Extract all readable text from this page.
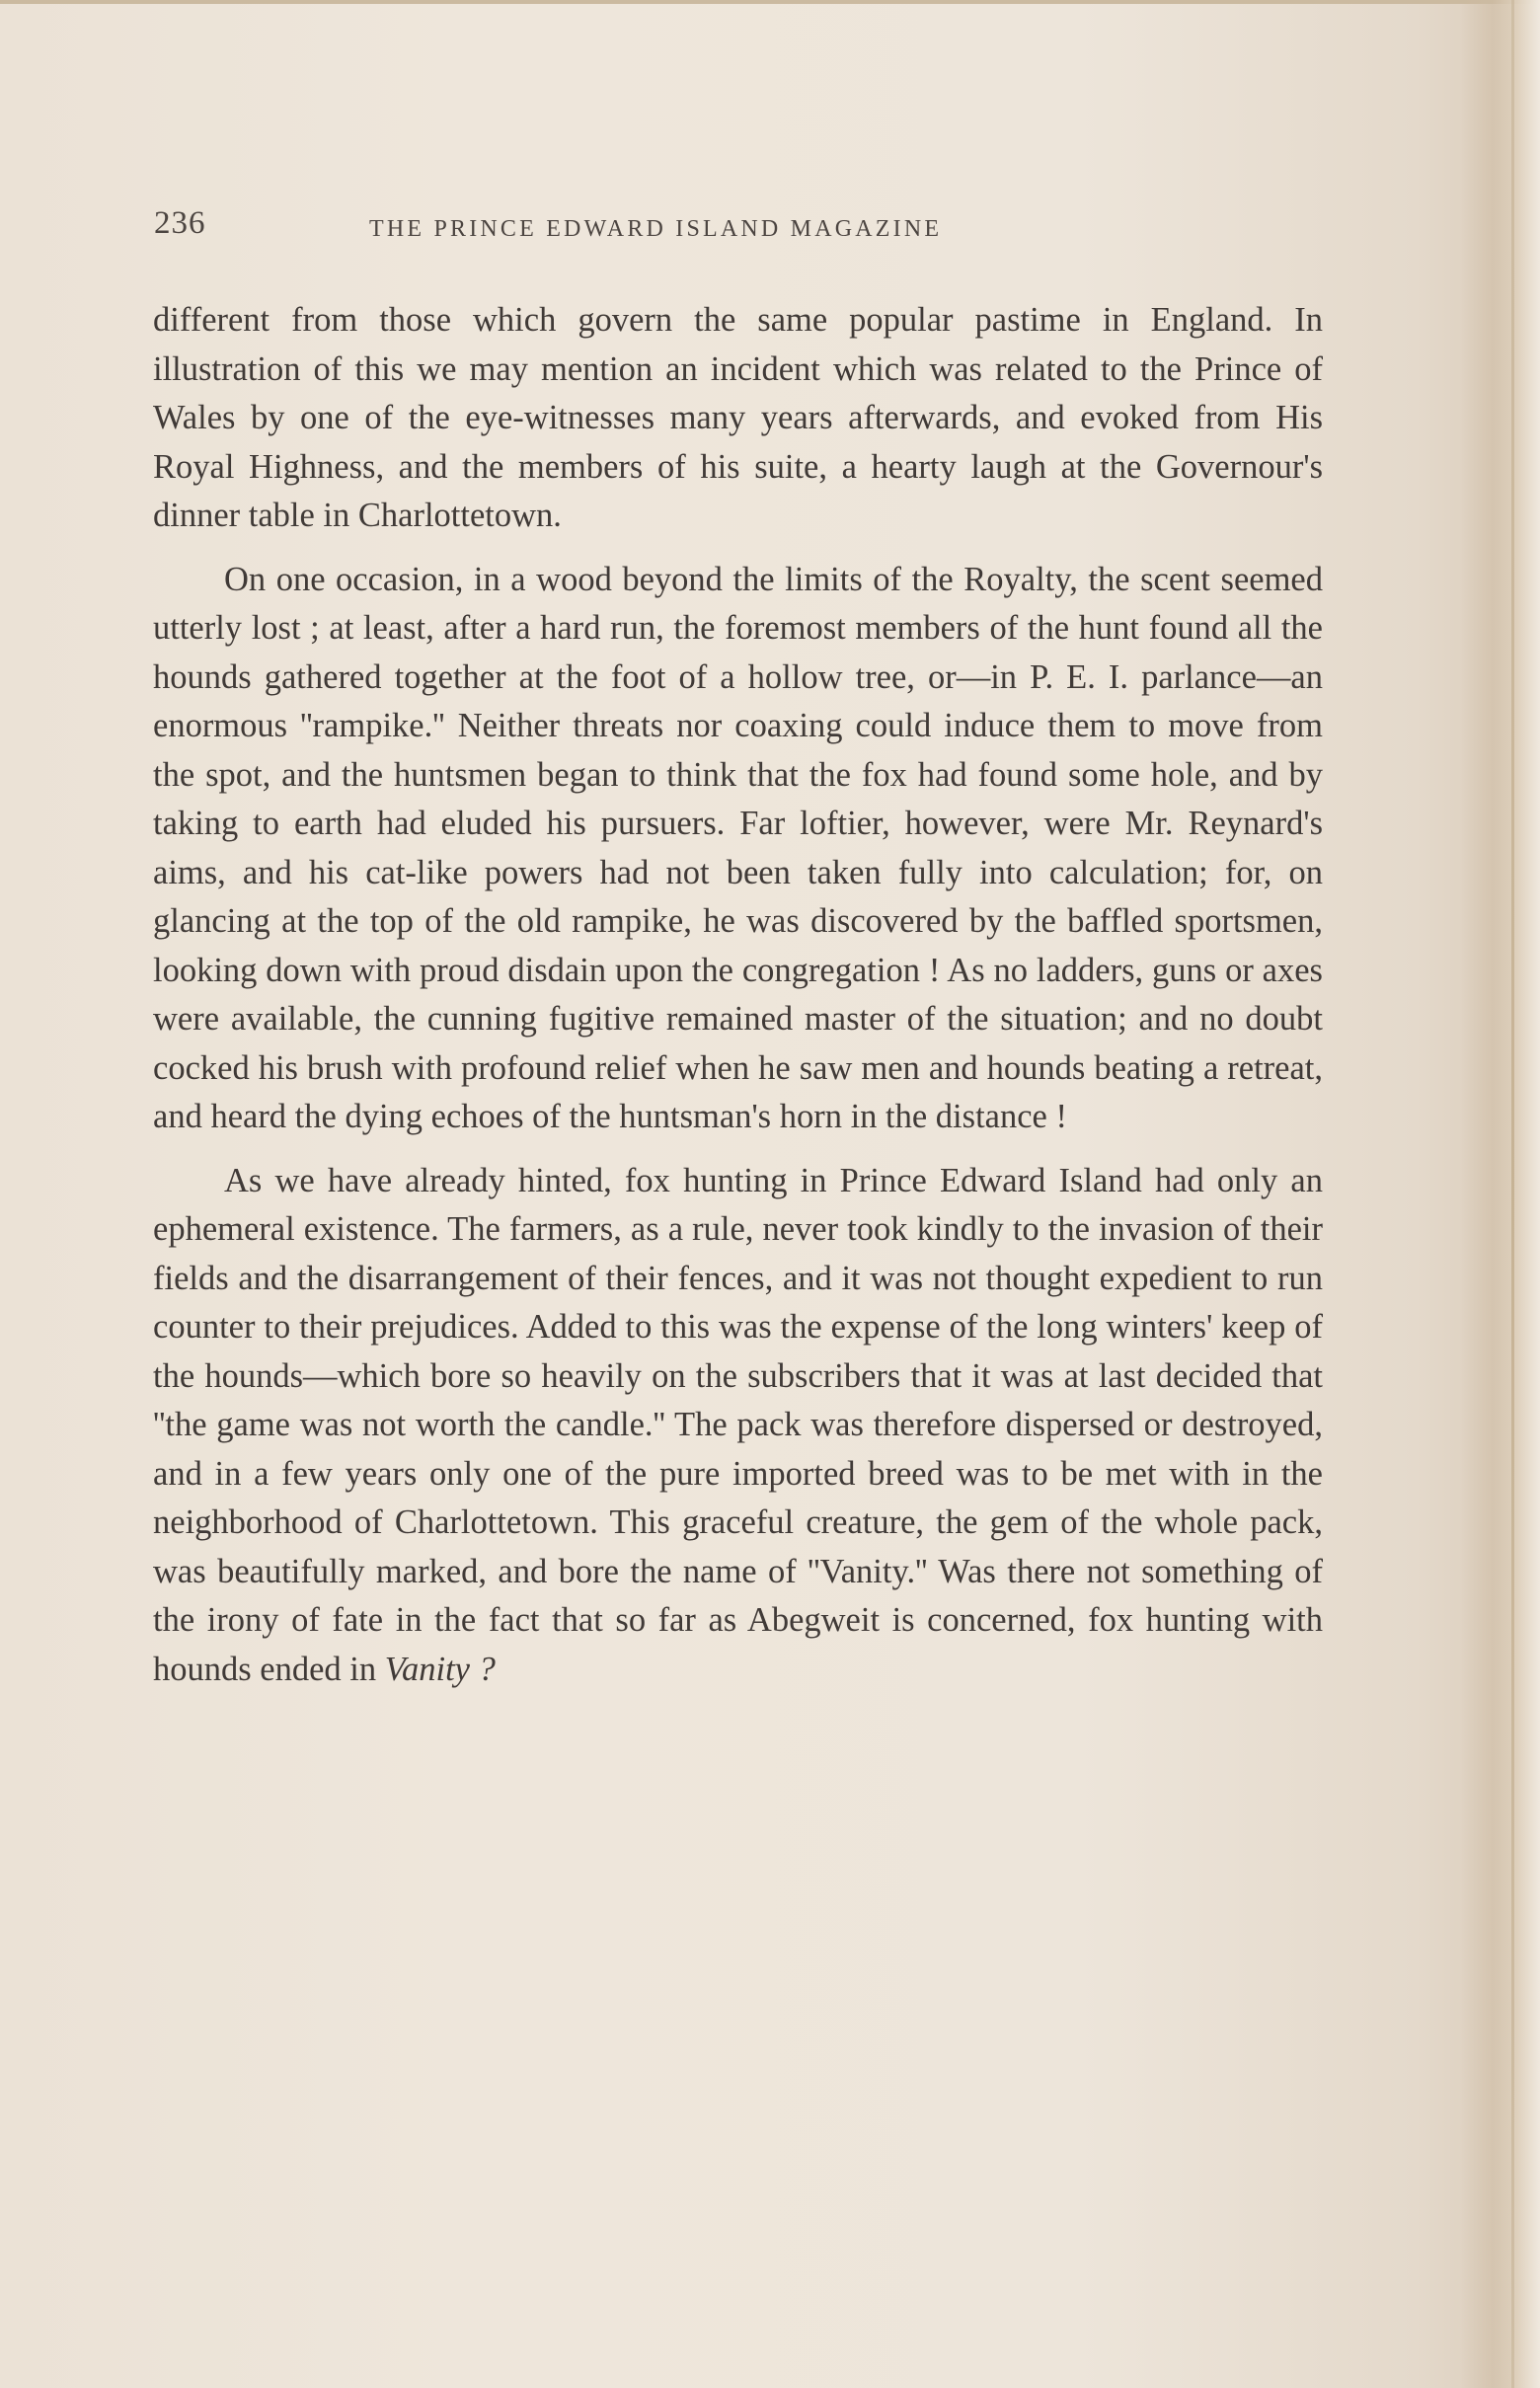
236	THE PRINCE EDWARD ISLAND MAGAZINE

different from those which govern the same popular pastime in England. In illustration of this we may mention an incident which was related to the Prince of Wales by one of the eye-witnesses many years afterwards, and evoked from His Royal Highness, and the members of his suite, a hearty laugh at the Governour's dinner table in Charlottetown.

On one occasion, in a wood beyond the limits of the Royalty, the scent seemed utterly lost ; at least, after a hard run, the foremost members of the hunt found all the hounds gathered together at the foot of a hollow tree, or—in P. E. I. parlance—an enormous ''rampike.'' Neither threats nor coaxing could induce them to move from the spot, and the huntsmen began to think that the fox had found some hole, and by taking to earth had eluded his pursuers. Far loftier, however, were Mr. Reynard's aims, and his cat-like powers had not been taken fully into calculation; for, on glancing at the top of the old rampike, he was discovered by the baffled sportsmen, looking down with proud disdain upon the congregation ! As no ladders, guns or axes were available, the cunning fugitive remained master of the situation; and no doubt cocked his brush with profound relief when he saw men and hounds beating a retreat, and heard the dying echoes of the huntsman's horn in the distance !

As we have already hinted, fox hunting in Prince Edward Island had only an ephemeral existence. The farmers, as a rule, never took kindly to the invasion of their fields and the disarrangement of their fences, and it was not thought expedient to run counter to their prejudices. Added to this was the expense of the long winters' keep of the hounds—which bore so heavily on the subscribers that it was at last decided that ''the game was not worth the candle.'' The pack was therefore dispersed or destroyed, and in a few years only one of the pure imported breed was to be met with in the neighborhood of Charlottetown. This graceful creature, the gem of the whole pack, was beautifully marked, and bore the name of ''Vanity.'' Was there not something of the irony of fate in the fact that so far as Abegweit is concerned, fox hunting with hounds ended in Vanity ?
